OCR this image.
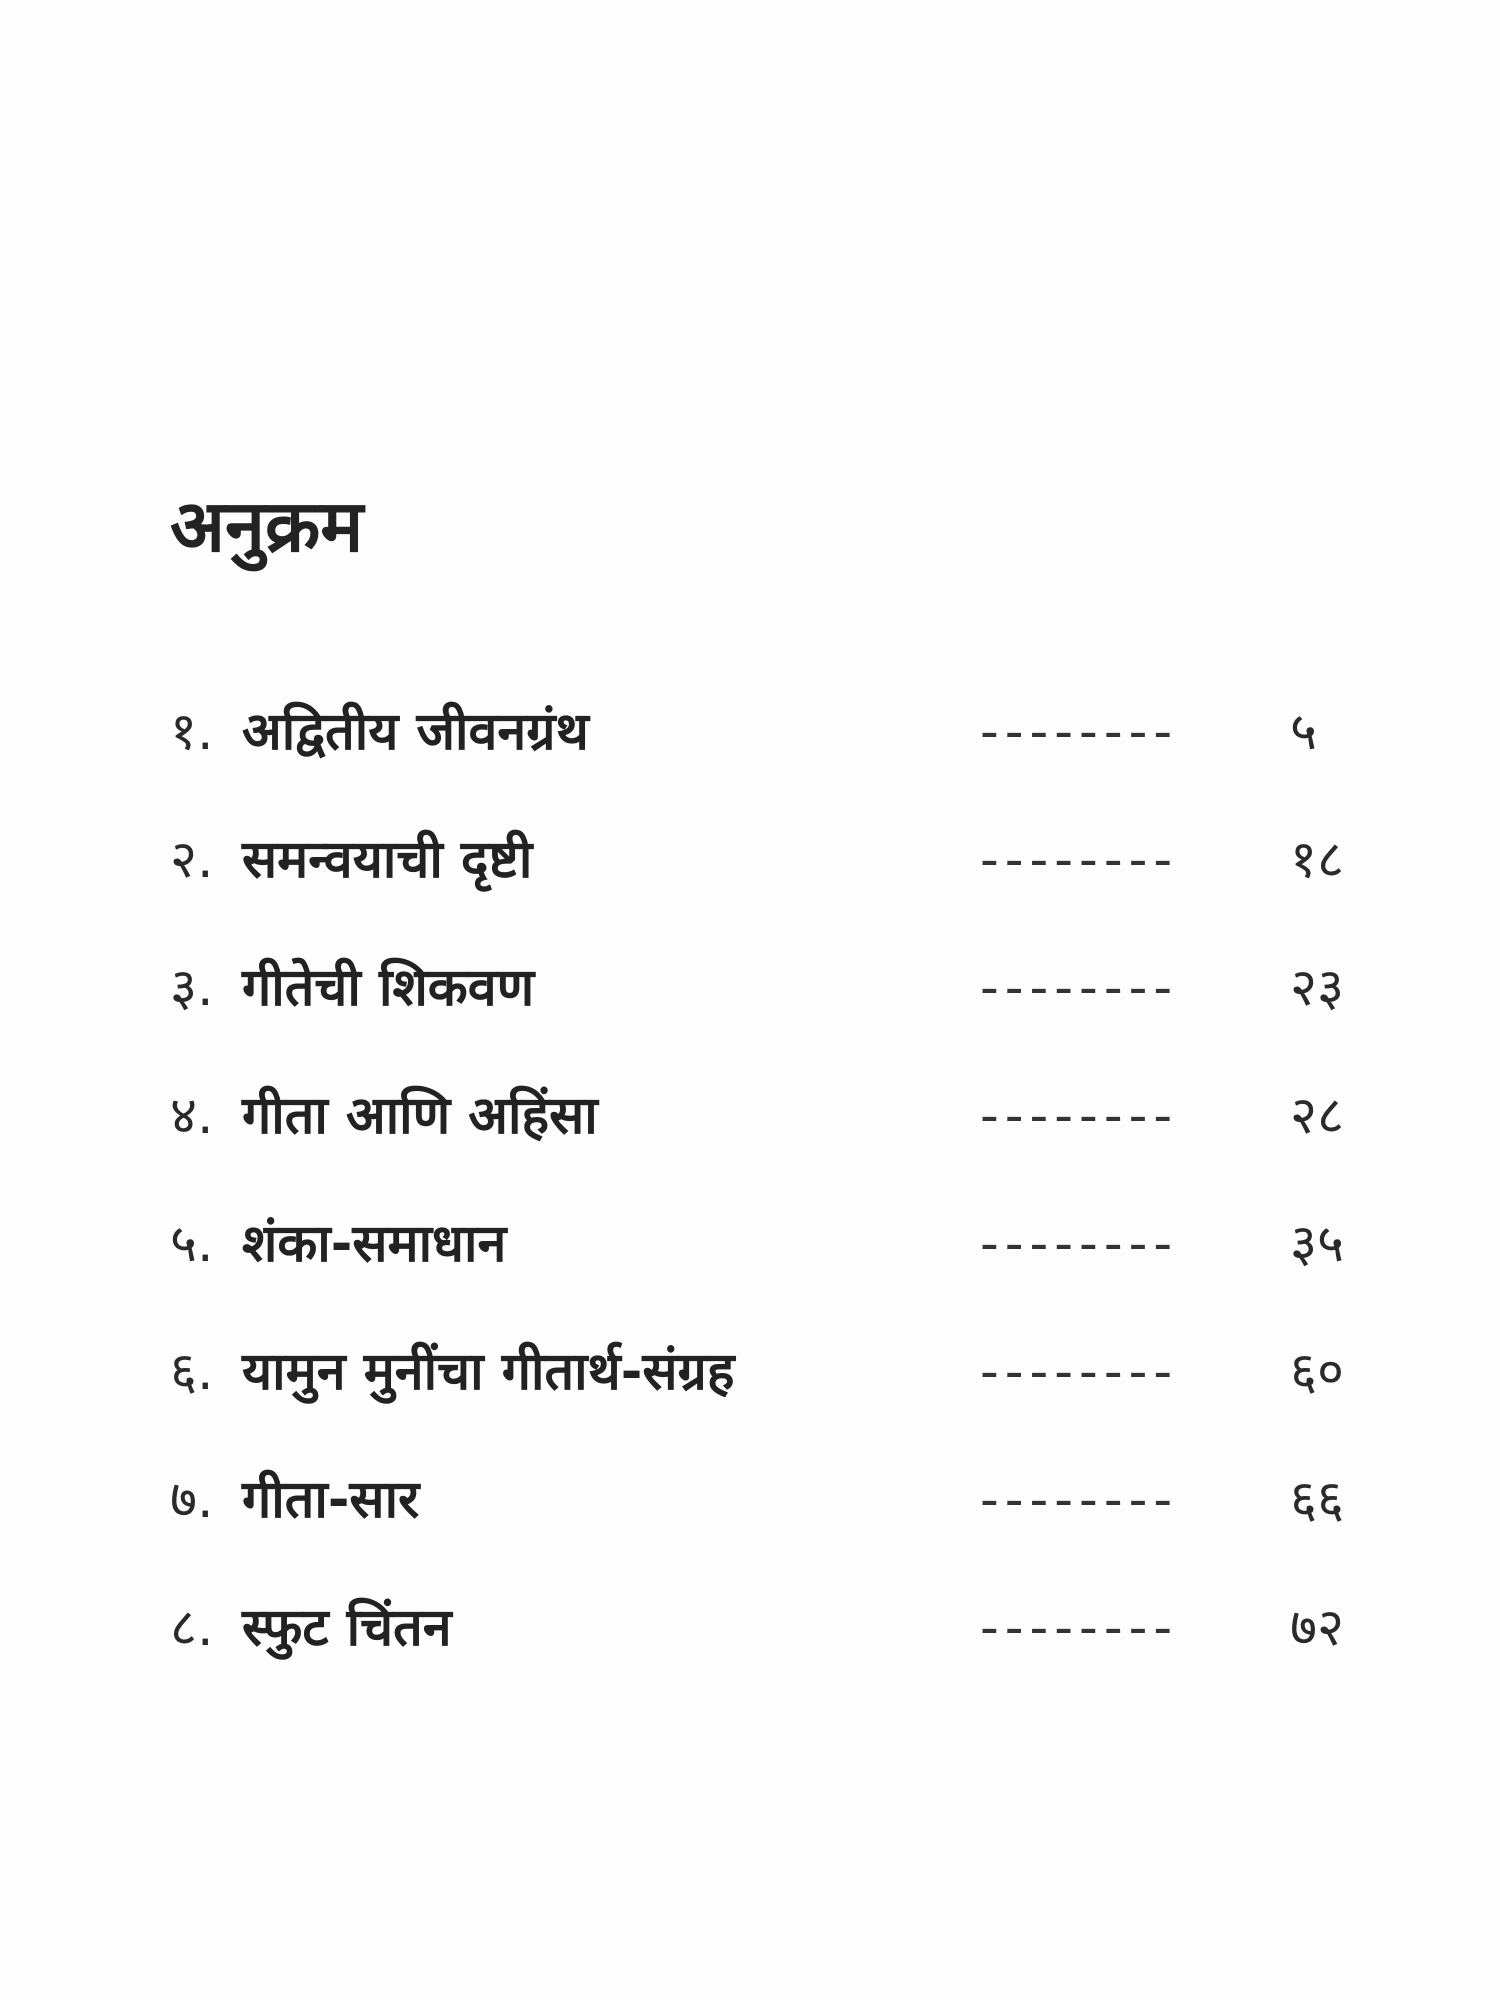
अनुक्रम
१. अद्वितीय जीवनग्रंथ	-------- ५
२. समन्वयाची दृष्टी	-------- १८
३. गीतेची शिकवण	-------- २३
४. गीता आणि अहिंसा	-------- २८
५. शंका-समाधान	-------- ३५
६. यामुन मुनींचा गीतार्थ-संग्रह	-------- ६०
७. गीता-सार	-------- ६६
८. स्फुट चिंतन	-------- ७२
